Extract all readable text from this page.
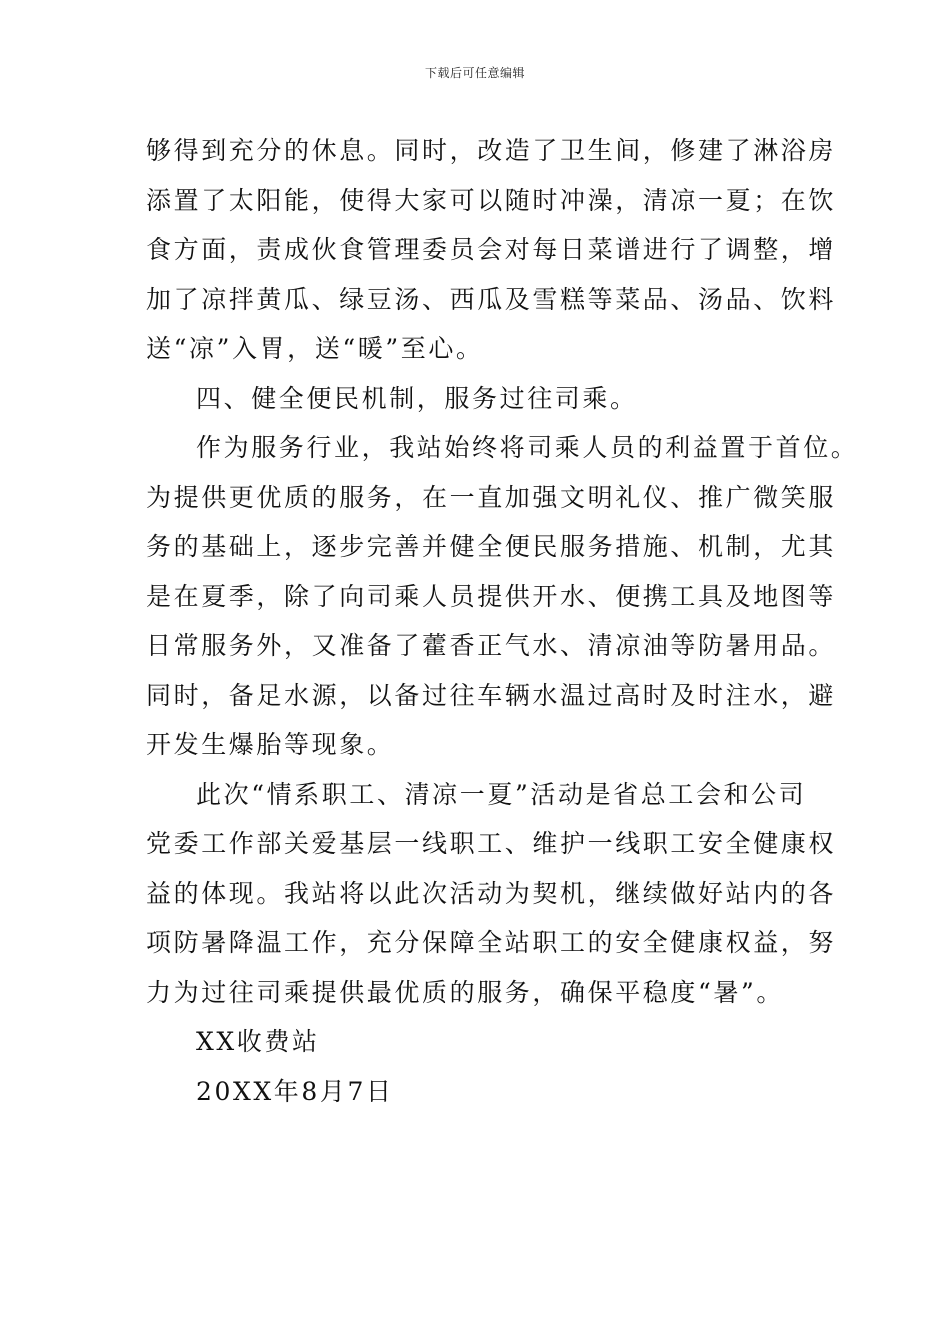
下载后可任意编辑
够得到充分的休息。同时，改造了卫生间，修建了淋浴房
添置了太阳能，使得大家可以随时冲澡，清凉一夏；在饮
食方面，责成伙食管理委员会对每日菜谱进行了调整，增
加了凉拌黄瓜、绿豆汤、西瓜及雪糕等菜品、汤品、饮料
送“凉”入胃，送“暖”至心。
四、健全便民机制，服务过往司乘。
作为服务行业，我站始终将司乘人员的利益置于首位。
为提供更优质的服务，在一直加强文明礼仪、推广微笑服
务的基础上，逐步完善并健全便民服务措施、机制，尤其
是在夏季，除了向司乘人员提供开水、便携工具及地图等
日常服务外，又准备了藿香正气水、清凉油等防暑用品。
同时，备足水源，以备过往车辆水温过高时及时注水，避
开发生爆胎等现象。
此次“情系职工、清凉一夏”活动是省总工会和公司
党委工作部关爱基层一线职工、维护一线职工安全健康权
益的体现。我站将以此次活动为契机，继续做好站内的各
项防暑降温工作，充分保障全站职工的安全健康权益，努
力为过往司乘提供最优质的服务，确保平稳度“暑”。
XX收费站
20XX年8月7日
